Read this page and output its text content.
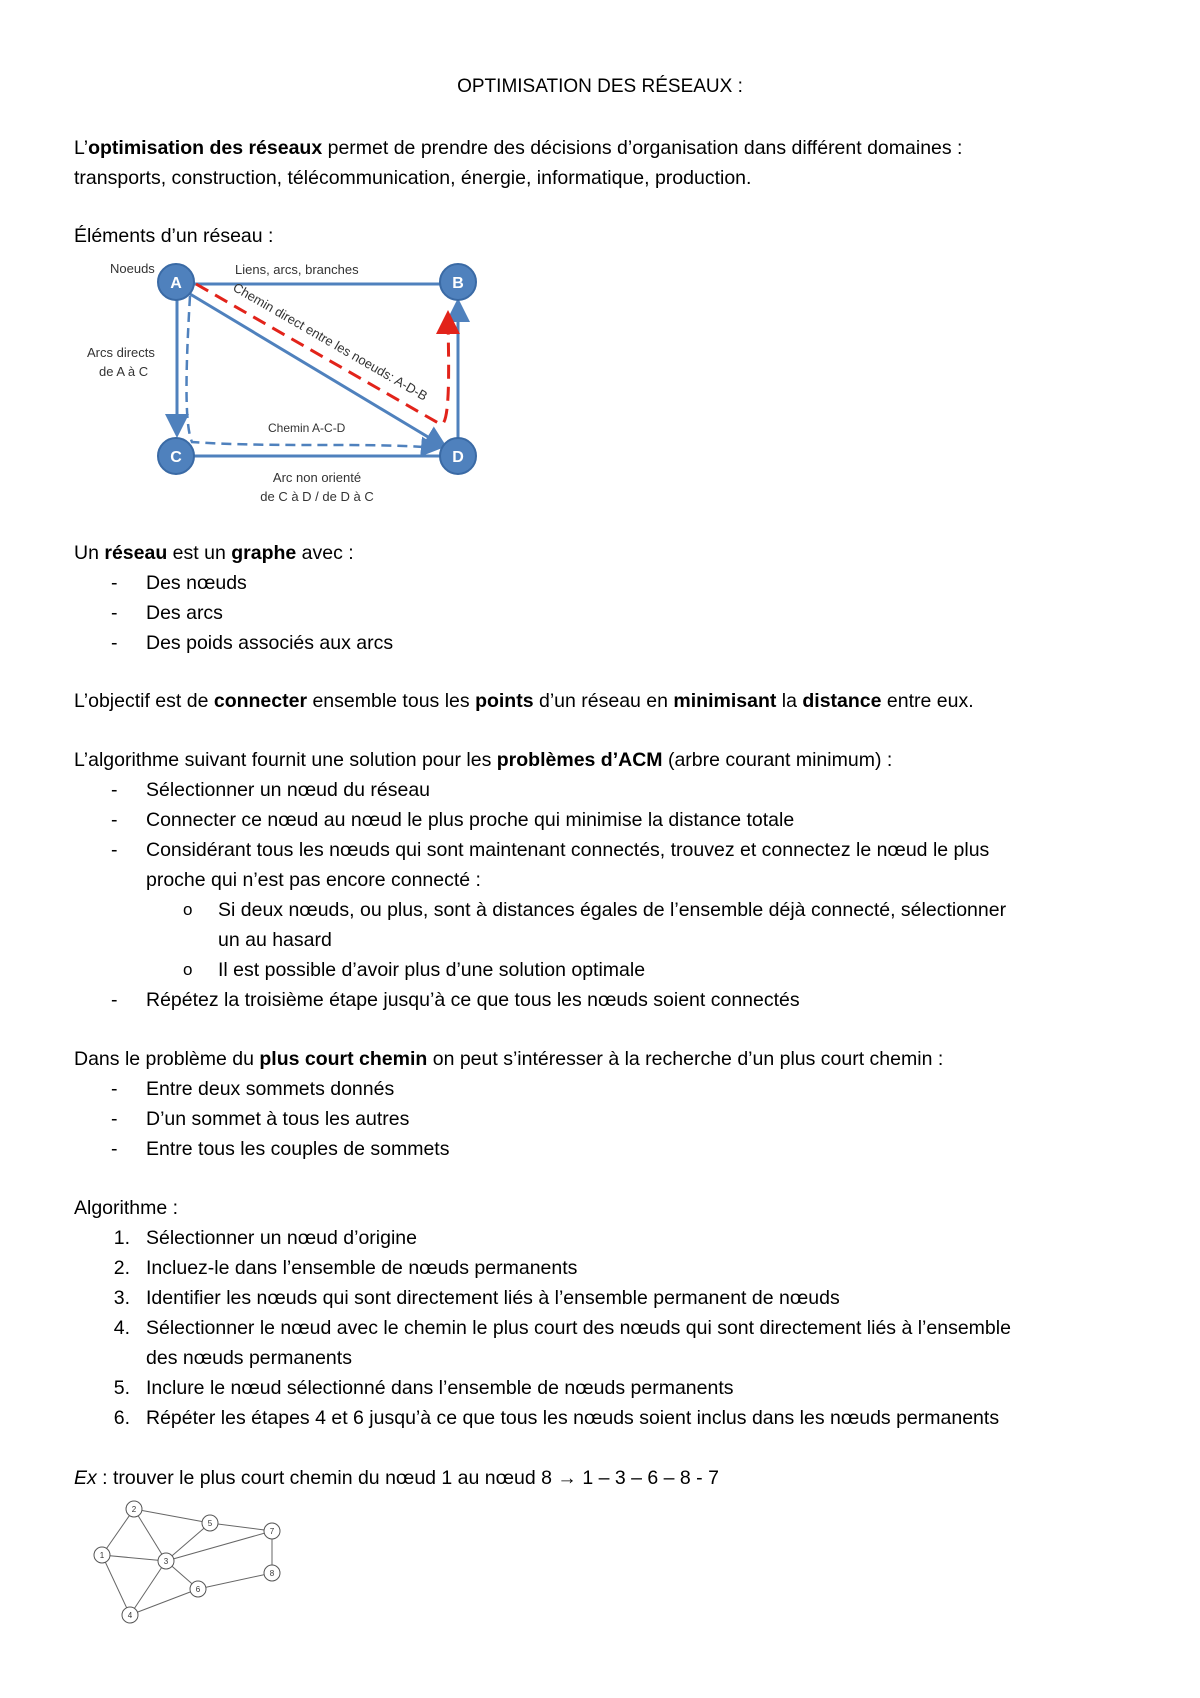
OPTIMISATION DES RÉSEAUX :
L’optimisation des réseaux permet de prendre des décisions d’organisation dans différent domaines :
transports, construction, télécommunication, énergie, informatique, production.
Éléments d’un réseau :
A	B
C	D
Noeuds	Liens, arcs, branches
Chemin direct entre les noeuds: A-D-B
Arcs directs
de A à C
Chemin A-C-D
Arc non orienté
de C à D / de D à C
Un réseau est un graphe avec :
- Des nœuds
- Des arcs
- Des poids associés aux arcs
L’objectif est de connecter ensemble tous les points d’un réseau en minimisant la distance entre eux.
L’algorithme suivant fournit une solution pour les problèmes d’ACM (arbre courant minimum) :
- Sélectionner un nœud du réseau
- Connecter ce nœud au nœud le plus proche qui minimise la distance totale
- Considérant tous les nœuds qui sont maintenant connectés, trouvez et connectez le nœud le plus
proche qui n’est pas encore connecté :
o Si deux nœuds, ou plus, sont à distances égales de l’ensemble déjà connecté, sélectionner
un au hasard
o Il est possible d’avoir plus d’une solution optimale
- Répétez la troisième étape jusqu’à ce que tous les nœuds soient connectés
Dans le problème du plus court chemin on peut s’intéresser à la recherche d’un plus court chemin :
- Entre deux sommets donnés
- D’un sommet à tous les autres
- Entre tous les couples de sommets
Algorithme :
1. Sélectionner un nœud d’origine
2. Incluez-le dans l’ensemble de nœuds permanents
3. Identifier les nœuds qui sont directement liés à l’ensemble permanent de nœuds
4. Sélectionner le nœud avec le chemin le plus court des nœuds qui sont directement liés à l’ensemble
des nœuds permanents
5. Inclure le nœud sélectionné dans l’ensemble de nœuds permanents
6. Répéter les étapes 4 et 6 jusqu’à ce que tous les nœuds soient inclus dans les nœuds permanents
Ex : trouver le plus court chemin du nœud 1 au nœud 8 → 1 – 3 – 6 – 8 - 7
1
2
3
4
5
6
7
8
